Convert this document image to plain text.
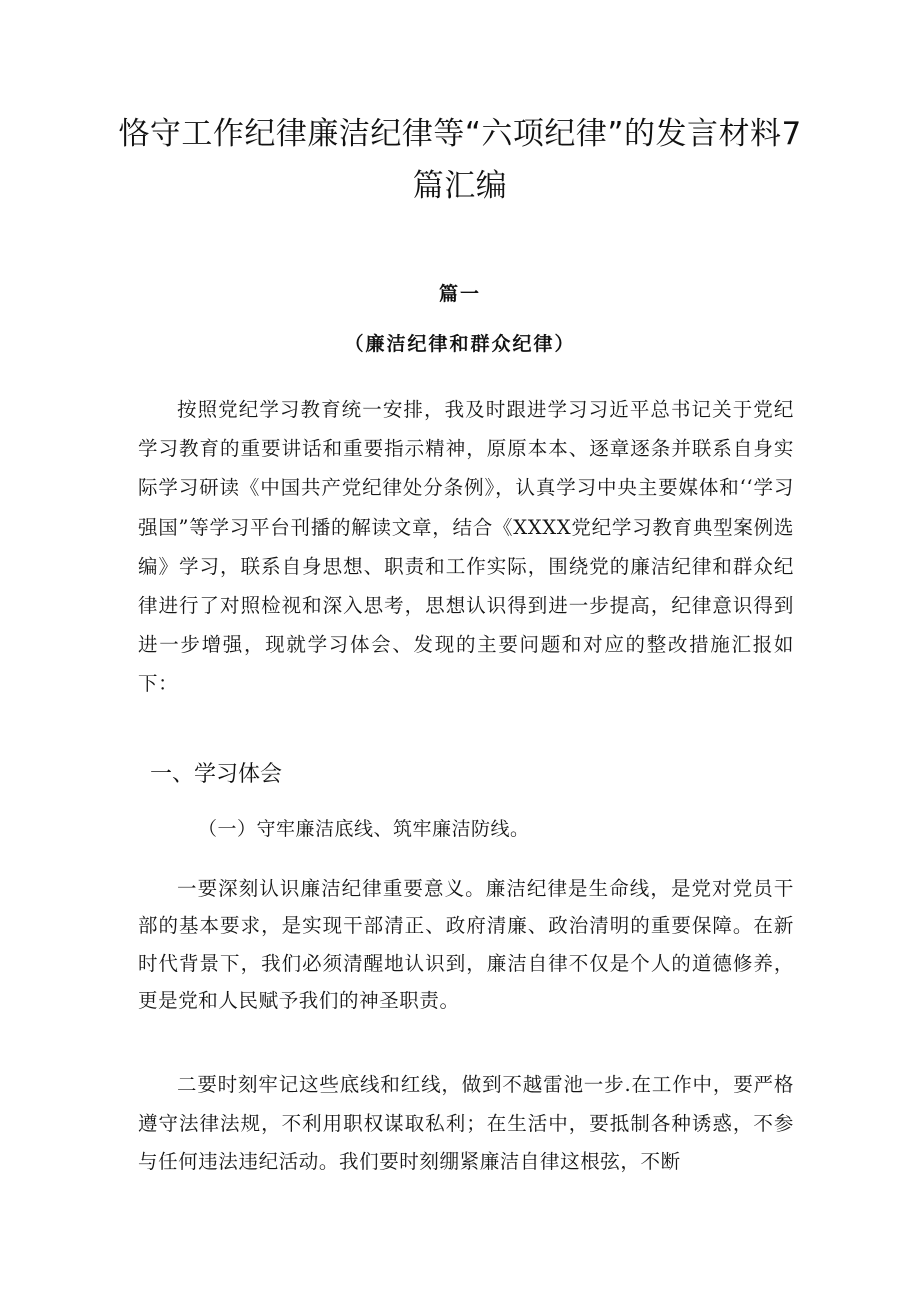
恪守工作纪律廉洁纪律等“六项纪律”的发言材料7篇汇编
篇一
（廉洁纪律和群众纪律）
按照党纪学习教育统一安排，我及时跟进学习习近平总书记关于党纪学习教育的重要讲话和重要指示精神，原原本本、逐章逐条并联系自身实际学习研读《中国共产党纪律处分条例》，认真学习中央主要媒体和‘‘学习强国”等学习平台刊播的解读文章，结合《XXXX党纪学习教育典型案例选编》学习，联系自身思想、职责和工作实际，围绕党的廉洁纪律和群众纪律进行了对照检视和深入思考，思想认识得到进一步提高，纪律意识得到进一步增强，现就学习体会、发现的主要问题和对应的整改措施汇报如下：
一、学习体会
（一）守牢廉洁底线、筑牢廉洁防线。
一要深刻认识廉洁纪律重要意义。廉洁纪律是生命线，是党对党员干部的基本要求，是实现干部清正、政府清廉、政治清明的重要保障。在新时代背景下，我们必须清醒地认识到，廉洁自律不仅是个人的道德修养，更是党和人民赋予我们的神圣职责。
二要时刻牢记这些底线和红线，做到不越雷池一步.在工作中，要严格遵守法律法规，不利用职权谋取私利；在生活中，要抵制各种诱惑，不参与任何违法违纪活动。我们要时刻绷紧廉洁自律这根弦，不断
